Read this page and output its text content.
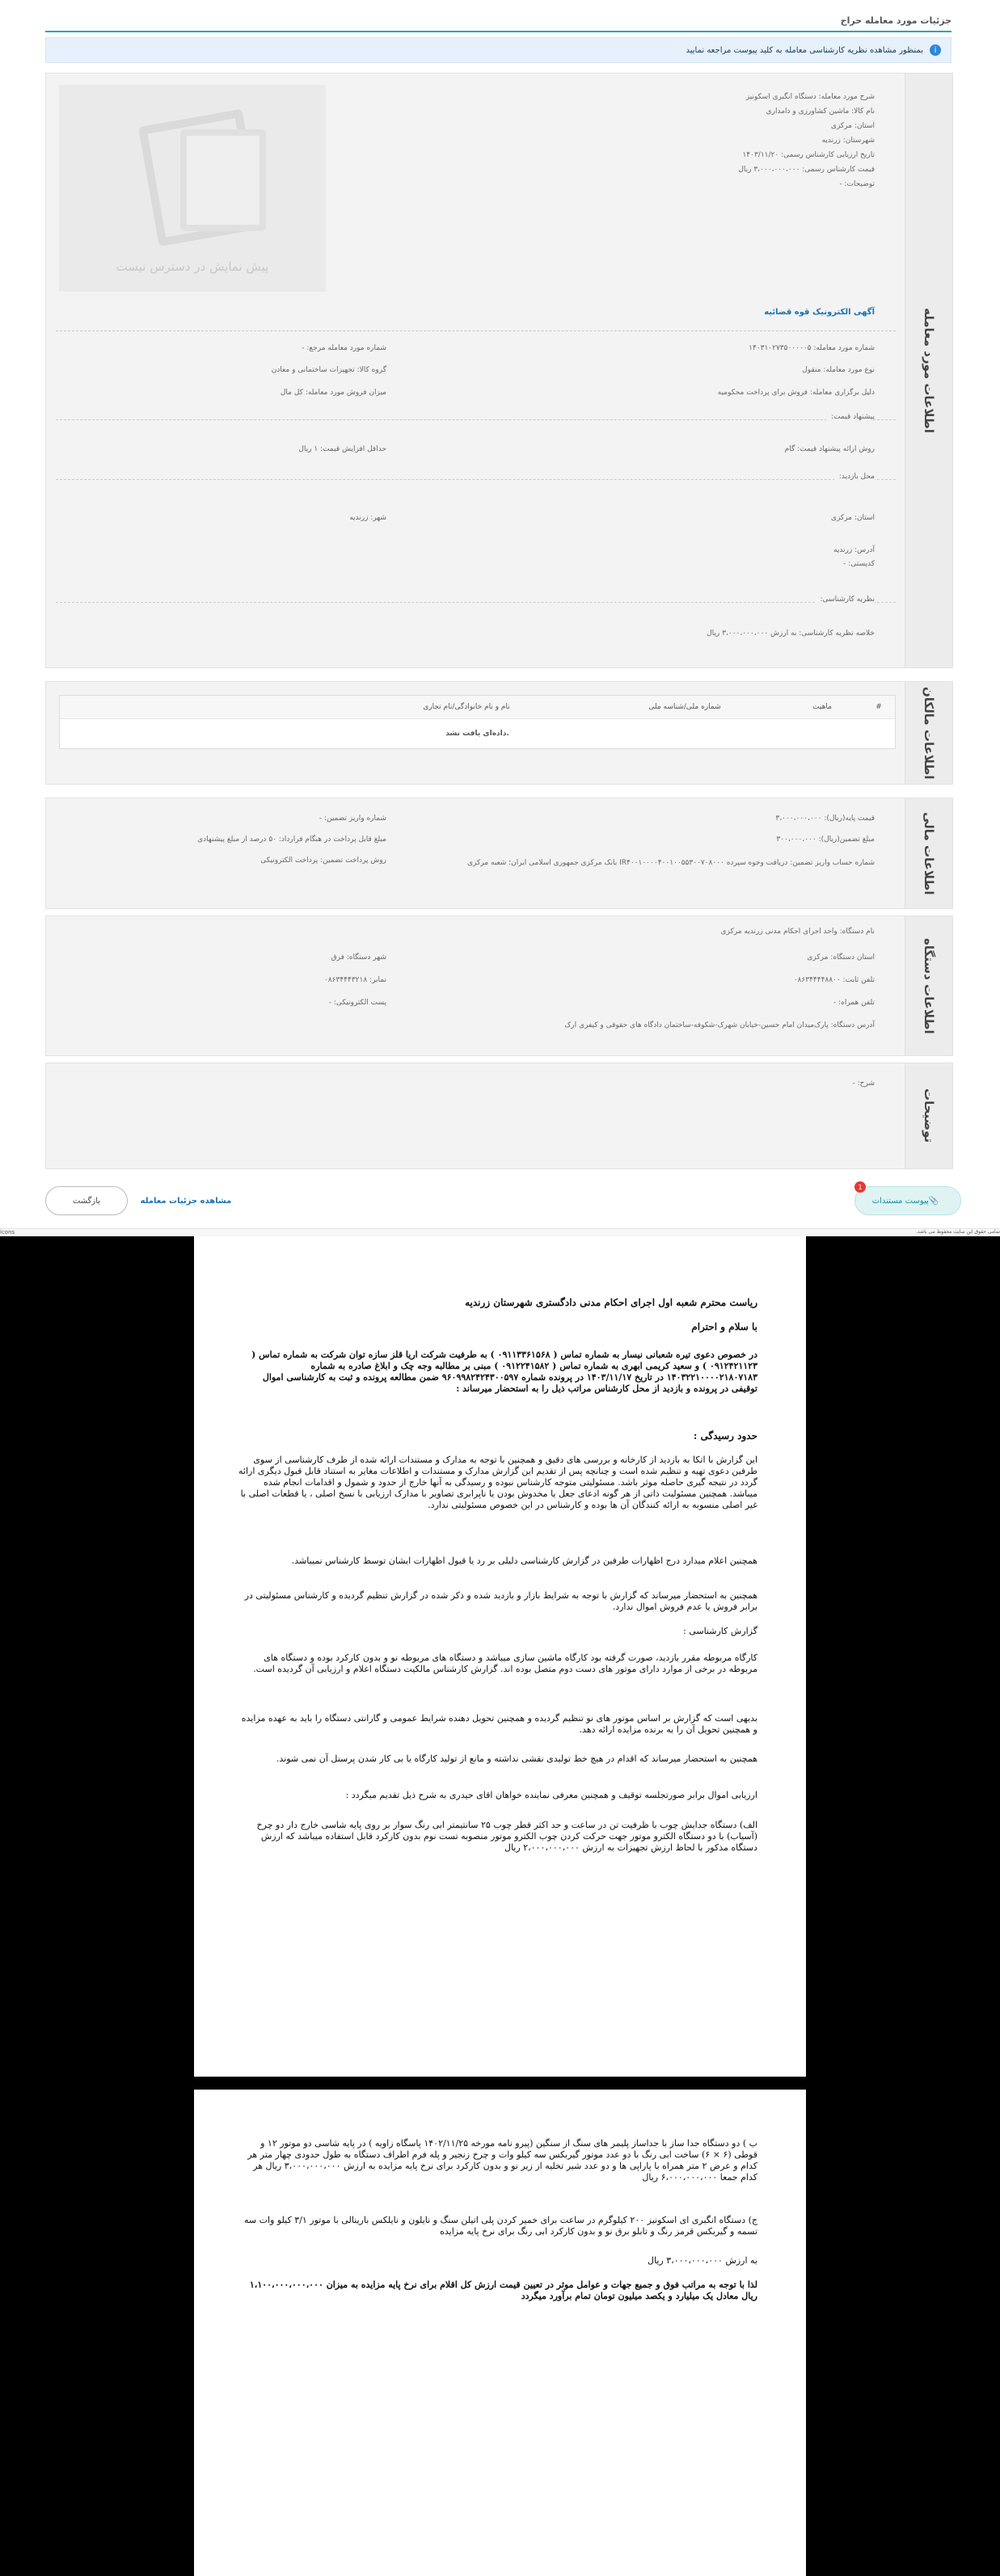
جزئیات مورد معامله حراج
i
بمنظور مشاهده نظریه کارشناسی معامله به کلید پیوست مراجعه نمایید
اطلاعات مورد معامله
پیش نمایش در دسترس نیست
شرح مورد معامله: دستگاه انگبری اسکونیز
نام کالا: ماشین کشاورزی و دامداری
استان: مرکزی
شهرستان: زرندیه
تاریخ ارزیابی کارشناس رسمی: ۱۴۰۳/۱۱/۲۰
قیمت کارشناس رسمی: ۳،۰۰۰،۰۰۰،۰۰۰ ریال
توضیحات: -
آگهی الکترونیک قوه قضائیه
شماره مورد معامله: ۱۴۰۳۱۰۲۷۳۵۰۰۰۰۰۵
شماره مورد معامله مرجع: -
نوع مورد معامله: منقول
گروه کالا: تجهیزات ساختمانی و معادن
دلیل برگزاری معامله: فروش برای پرداخت محکومیه
میزان فروش مورد معامله: کل مال
پیشنهاد قیمت:
روش ارائه پیشنهاد قیمت: گام
حداقل افزایش قیمت: ۱ ریال
محل بازدید:
استان: مرکزی
شهر: زرندیه
آدرس: زرندیه
کدپستی: -
نظریه کارشناسی:
خلاصه نظریه کارشناسی: به ارزش ۳،۰۰۰،۰۰۰،۰۰۰ ریال
اطلاعات مالکان
#
ماهیت
شماره ملی/شناسه ملی
نام و نام خانوادگی/نام تجاری
داده‌ای یافت نشد.
اطلاعات مالی
قیمت پایه(ریال): ۳،۰۰۰،۰۰۰،۰۰۰
شماره واریز تضمین: -
مبلغ تضمین(ریال): ۳۰۰،۰۰۰،۰۰۰
مبلغ قابل پرداخت در هنگام قرارداد: ۵۰ درصد از مبلغ پیشنهادی
شماره حساب واریز تضمین: دریافت وجوه سپرده IR۴۰۰۱۰۰۰۰۴۰۰۱۰۰۵۵۳۰۰۷۰۸۰۰۰ بانک مرکزی جمهوری اسلامی ایران؛ شعبه مرکزی
روش پرداخت تضمین: پرداخت الکترونیکی
اطلاعات دستگاه
نام دستگاه: واحد اجرای احکام مدنی زرندیه مرکزی
استان دستگاه: مرکزی
شهر دستگاه: فرق
تلفن ثابت: ۰۸۶۳۴۴۴۴۸۸۰۰
نمابر: ۰۸۶۳۴۴۴۳۲۱۸
تلفن همراه: -
پست الکترونیکی: -
آدرس دستگاه: پارک‌میدان امام حسین-خیابان شهرک-شکوفه-ساختمان دادگاه های حقوقی و کیفری ارک
توضیحات
شرح: -
پیوست مستندات 📎
1
مشاهده جزئیات معامله
بازگشت
icons	تمامی حقوق این سایت محفوظ می باشد.

ریاست محترم شعبه اول اجرای احکام مدنی دادگستری شهرستان زرندیه

با سلام و احترام

در خصوص دعوی تیره شعبانی نیسار به شماره تماس ( ۰۹۱۱۳۳۶۱۵۶۸ ) به طرفیت شرکت اریا قلز سازه توان شرکت به شماره تماس ( ۰۹۱۲۴۲۱۱۲۳ ) و سعید کریمی ابهری به شماره تماس ( ۰۹۱۲۲۴۱۵۸۲ ) مبنی بر مطالبه وجه چک و ابلاغ صادره به شماره ۱۴۰۳۲۲۱۰۰۰۰۲۱۸۰۷۱۸۳ در تاریخ ۱۴۰۳/۱۱/۱۷ در پرونده شماره ۹۶۰۹۹۸۲۴۲۴۳۰۰۵۹۷ ضمن مطالعه پرونده و ثبت به کارشناسی اموال توقیفی در پرونده و بازدید از محل کارشناس مراتب ذیل را به استحضار میرساند :

حدود رسیدگی :

این گزارش با اتکا به بازدید از کارخانه و بررسی های دقیق و همچنین با توجه به مدارک و مستندات ارائه شده از طرف کارشناسی از سوی طرفین دعوی تهیه و تنظیم شده است و چنانچه پس از تقدیم این گزارش مدارک و مستندات و اطلاعات مغایر به استناد قابل قبول دیگری ارائه گردد در نتیجه گیری حاصله موثر باشد. مسئولیتی متوجه کارشناس نبوده و رسیدگی به آنها خارج از حدود و شمول و اقدامات انجام شده میباشد. همچنین مسئولیت ذاتی از هر گونه ادعای جعل یا مخدوش بودن یا ناپرابری تصاویر با مدارک ارزیابی با نسخ اصلی ، یا قطعات اصلی با غیر اصلی منسوبه به ارائه کنندگان آن ها بوده و کارشناس در این خصوص مسئولیتی ندارد.

همچنین اعلام میدارد درج اظهارات طرفین در گزارش کارشناسی دلیلی بر رد یا قبول اظهارات ایشان توسط کارشناس نمیباشد.

همچنین به استحضار میرساند که گزارش با توجه به شرایط بازار و بازدید شده و ذکر شده در گزارش تنظیم گردیده و کارشناس مسئولیتی در برابر فروش یا عدم فروش اموال ندارد.

گزارش کارشناسی :

کارگاه مربوطه مقرر بازدید، صورت گرفته بود کارگاه ماشین سازی میباشد و دستگاه های مربوطه نو و بدون کارکرد بوده و دستگاه های مربوطه در برخی از موارد دارای موتور های دست دوم متصل بوده اند. گزارش کارشناس مالکیت دستگاه اعلام و ارزیابی آن گردیده است.

بدیهی است که گزارش بر اساس موتور های نو تنظیم گردیده و همچنین تحویل دهنده شرایط عمومی و گارانتی دستگاه را باید به عهده مزایده و همچنین تحویل آن را به برنده مزایده ارائه دهد.

همچنین به استحضار میرساند که اقدام در هیچ خط تولیدی نقشی نداشته و مانع از تولید کارگاه یا بی کار شدن پرسنل آن نمی شوند.

ارزیابی اموال برابر صورتجلسه توقیف و همچنین معرفی نماینده خواهان اقای حیدری به شرح ذیل تقدیم میگردد :

الف) دستگاه جدایش چوب با ظرفیت تن در ساعت و حد اکثر قطر چوب ۲۵ سانتیمتر ابی رنگ سوار بر روی پایه شاسی خارج دار دو چرخ (آسیاب) با دو دستگاه الکترو موتور جهت حرکت کردن چوب الکترو موتور منصوبه تست نوم بدون کارکرد قابل استفاده میباشد که ارزش دستگاه مذکور با لحاظ ارزش تجهیزات به ارزش ۲،۰۰۰،۰۰۰،۰۰۰ ریال

ب ) دو دستگاه جدا ساز با جداساز پلیمر های سنگ از سنگین (پیرو نامه مورخه ۱۴۰۲/۱۱/۲۵ پاسگاه زاویه ) در پایه شاسی دو موتور ۱۲ و قوطی (۶ × ۶) ساخت ابی رنگ با دو عدد موتور گیربکس سه کیلو وات و چرخ زنجیر و پله فرم اطراف دستگاه به طول حدودی چهار متر هر کدام و عرض ۲ متر همراه با پاراپی ها و دو عدد شیر تخلیه از زیر نو و بدون کارکرد برای نرخ پایه مزایده به ارزش ۳،۰۰۰،۰۰۰،۰۰۰ ریال هر کدام جمعا ۶،۰۰۰،۰۰۰،۰۰۰ ریال

ج) دستگاه انگبری ای اسکونیز ۲۰۰ کیلوگرم در ساعت برای خمیر کردن پلی اتیلن سنگ و نایلون و نایلکس بارینالی با موتور ۳/۱ کیلو وات سه تسمه و گیربکس قرمز رنگ و تابلو برق نو و بدون کارکرد ابی رنگ برای نرخ پایه مزایده

به ارزش ۳،۰۰۰،۰۰۰،۰۰۰ ریال

لذا با توجه به مراتب فوق و جمیع جهات و عوامل موثر در تعیین قیمت ارزش کل اقلام برای نرخ پایه مزایده به میزان ۱،۱۰۰،۰۰۰،۰۰۰،۰۰۰ ریال معادل یک میلیارد و یکصد میلیون تومان تمام برآورد میگردد
